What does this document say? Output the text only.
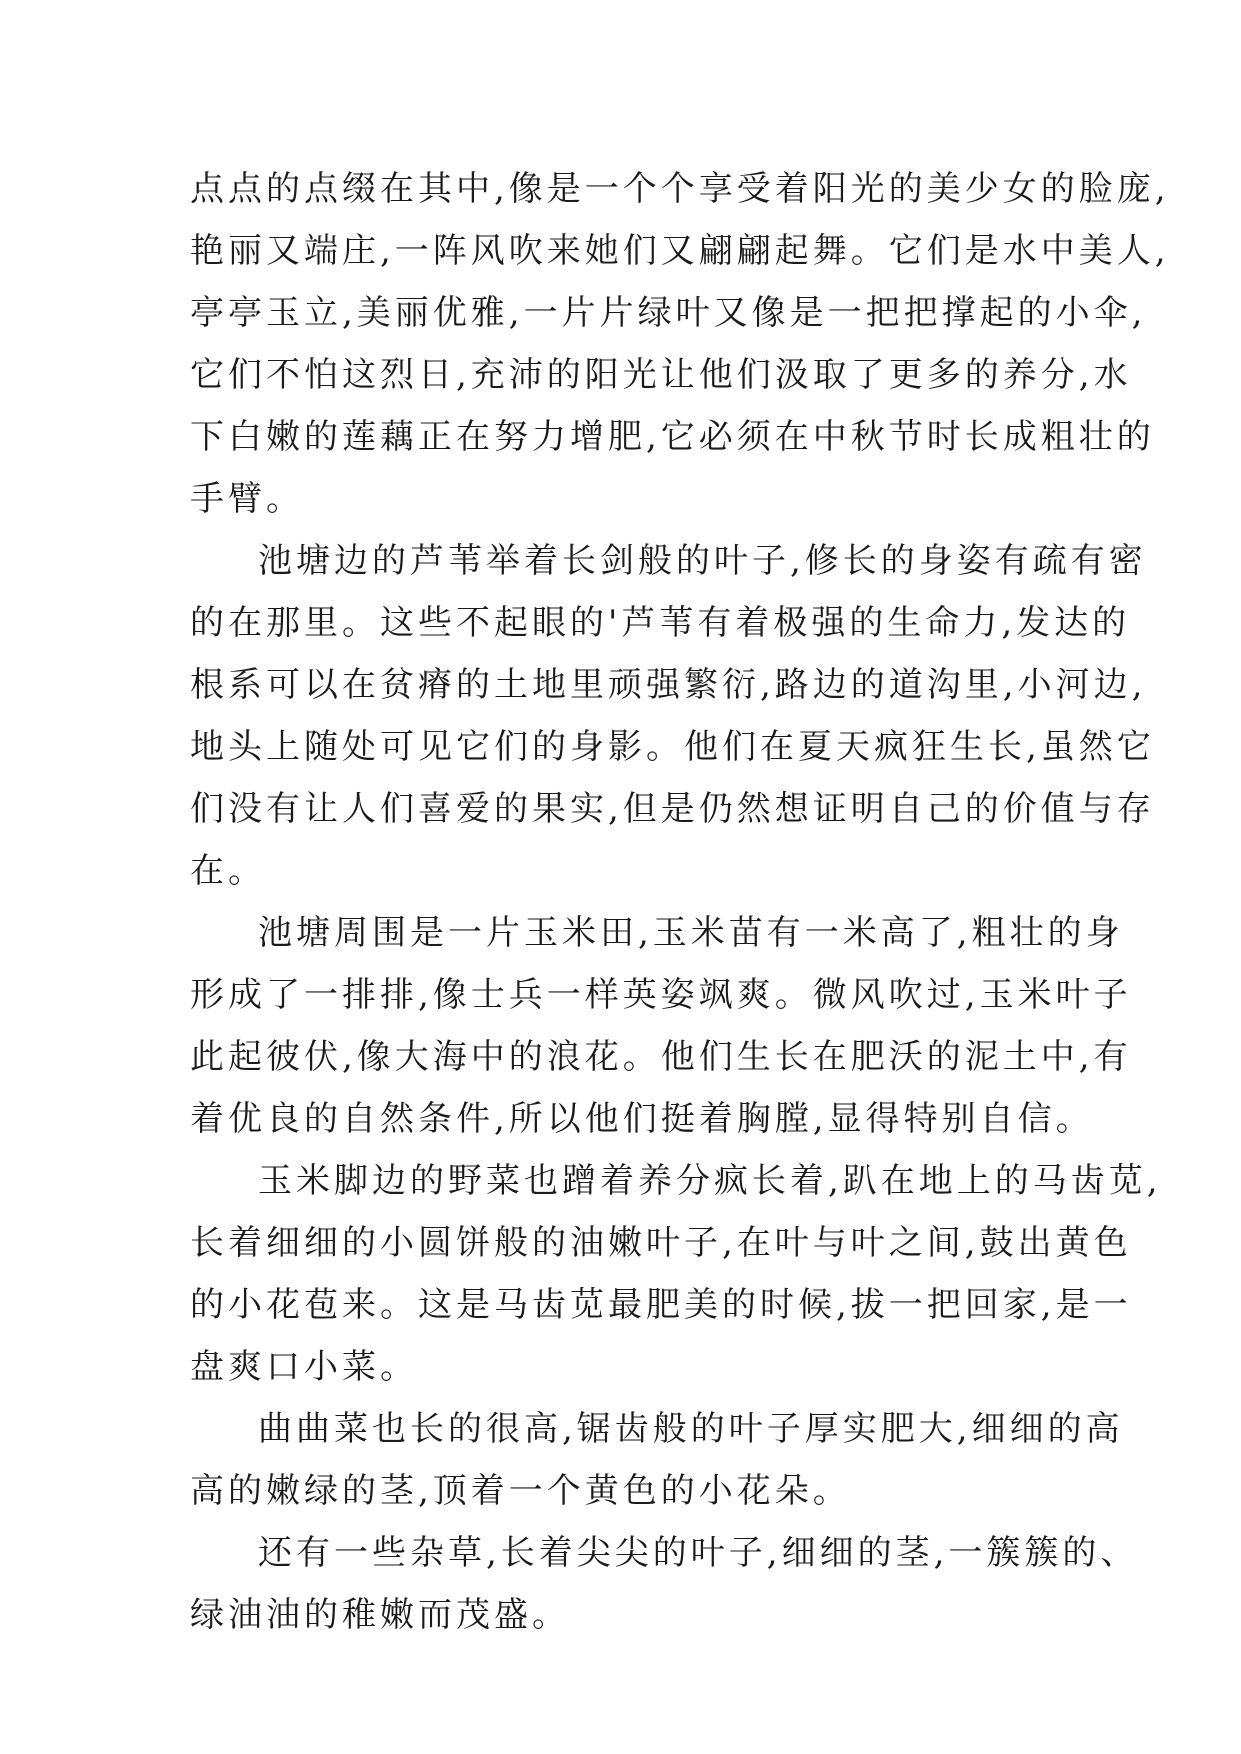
点点的点缀在其中,像是一个个享受着阳光的美少女的脸庞,
艳丽又端庄,一阵风吹来她们又翩翩起舞。它们是水中美人,
亭亭玉立,美丽优雅,一片片绿叶又像是一把把撑起的小伞,
它们不怕这烈日,充沛的阳光让他们汲取了更多的养分,水
下白嫩的莲藕正在努力增肥,它必须在中秋节时长成粗壮的
手臂。
池塘边的芦苇举着长剑般的叶子,修长的身姿有疏有密
的在那里。这些不起眼的'芦苇有着极强的生命力,发达的
根系可以在贫瘠的土地里顽强繁衍,路边的道沟里,小河边,
地头上随处可见它们的身影。他们在夏天疯狂生长,虽然它
们没有让人们喜爱的果实,但是仍然想证明自己的价值与存
在。
池塘周围是一片玉米田,玉米苗有一米高了,粗壮的身
形成了一排排,像士兵一样英姿飒爽。微风吹过,玉米叶子
此起彼伏,像大海中的浪花。他们生长在肥沃的泥土中,有
着优良的自然条件,所以他们挺着胸膛,显得特别自信。
玉米脚边的野菜也蹭着养分疯长着,趴在地上的马齿苋,
长着细细的小圆饼般的油嫩叶子,在叶与叶之间,鼓出黄色
的小花苞来。这是马齿苋最肥美的时候,拔一把回家,是一
盘爽口小菜。
曲曲菜也长的很高,锯齿般的叶子厚实肥大,细细的高
高的嫩绿的茎,顶着一个黄色的小花朵。
还有一些杂草,长着尖尖的叶子,细细的茎,一簇簇的、
绿油油的稚嫩而茂盛。
